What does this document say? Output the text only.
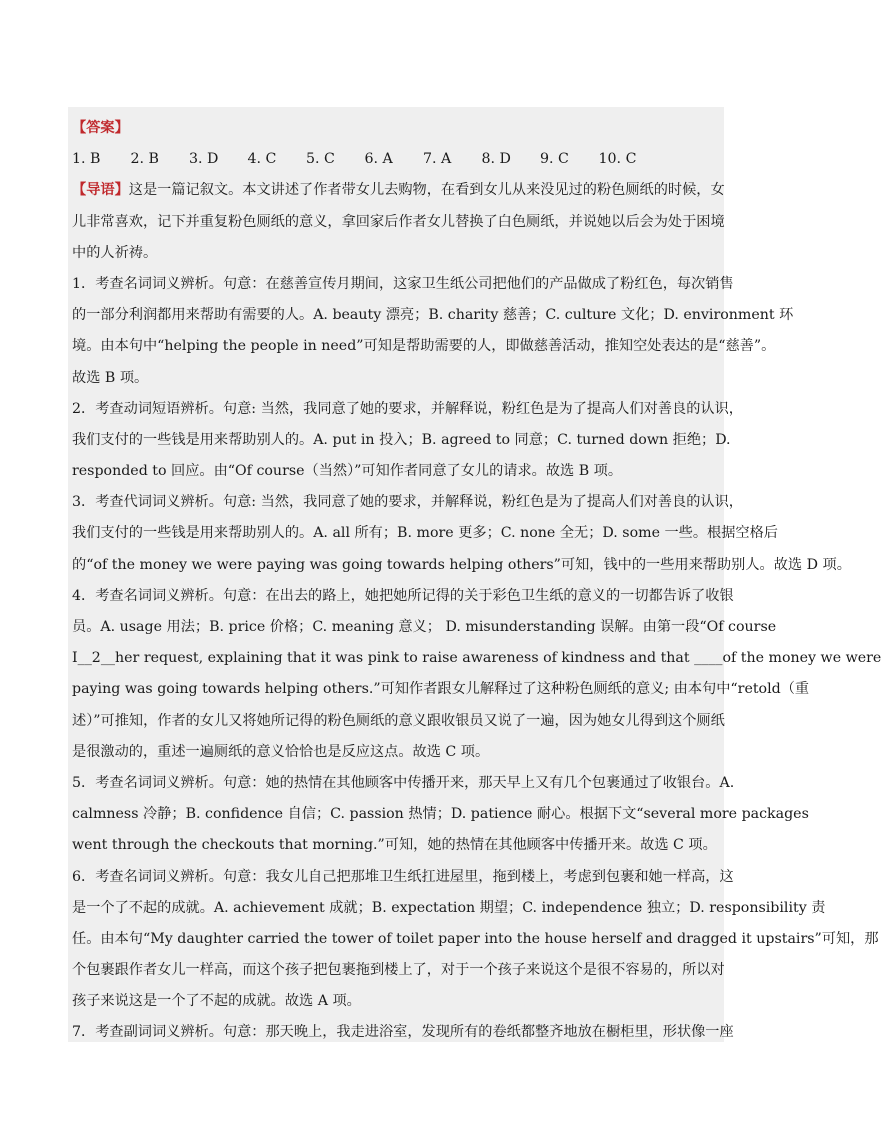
【答案】
1. B	2. B	3. D	4. C	5. C	6. A	7. A	8. D	9. C	10. C
【导语】这是一篇记叙文。本文讲述了作者带女儿去购物，在看到女儿从来没见过的粉色厕纸的时候，女
儿非常喜欢，记下并重复粉色厕纸的意义，拿回家后作者女儿替换了白色厕纸，并说她以后会为处于困境
中的人祈祷。
1．考查名词词义辨析。句意：在慈善宣传月期间，这家卫生纸公司把他们的产品做成了粉红色，每次销售
的一部分利润都用来帮助有需要的人。A. beauty 漂亮；B. charity 慈善；C. culture 文化；D. environment 环
境。由本句中“helping the people in need”可知是帮助需要的人，即做慈善活动，推知空处表达的是“慈善”。
故选 B 项。
2．考查动词短语辨析。句意: 当然，我同意了她的要求，并解释说，粉红色是为了提高人们对善良的认识，
我们支付的一些钱是用来帮助别人的。A. put in 投入；B. agreed to 同意；C. turned down 拒绝；D.
responded to 回应。由“Of course（当然）”可知作者同意了女儿的请求。故选 B 项。
3．考查代词词义辨析。句意: 当然，我同意了她的要求，并解释说，粉红色是为了提高人们对善良的认识，
我们支付的一些钱是用来帮助别人的。A. all 所有；B. more 更多；C. none 全无；D. some 一些。根据空格后
的“of the money we were paying was going towards helping others”可知，钱中的一些用来帮助别人。故选 D 项。
4．考查名词词义辨析。句意：在出去的路上，她把她所记得的关于彩色卫生纸的意义的一切都告诉了收银
员。A. usage 用法；B. price 价格；C. meaning 意义； D. misunderstanding 误解。由第一段“Of course
I__2__her request, explaining that it was pink to raise awareness of kindness and that ____of the money we were
paying was going towards helping others.”可知作者跟女儿解释过了这种粉色厕纸的意义; 由本句中“retold（重
述）”可推知，作者的女儿又将她所记得的粉色厕纸的意义跟收银员又说了一遍，因为她女儿得到这个厕纸
是很激动的，重述一遍厕纸的意义恰恰也是反应这点。故选 C 项。
5．考查名词词义辨析。句意：她的热情在其他顾客中传播开来，那天早上又有几个包裹通过了收银台。A.
calmness 冷静；B. confidence 自信；C. passion 热情；D. patience 耐心。根据下文“several more packages
went through the checkouts that morning.”可知，她的热情在其他顾客中传播开来。故选 C 项。
6．考查名词词义辨析。句意：我女儿自己把那堆卫生纸扛进屋里，拖到楼上，考虑到包裹和她一样高，这
是一个了不起的成就。A. achievement 成就；B. expectation 期望；C. independence 独立；D. responsibility 责
任。由本句“My daughter carried the tower of toilet paper into the house herself and dragged it upstairs”可知，那
个包裹跟作者女儿一样高，而这个孩子把包裹拖到楼上了，对于一个孩子来说这个是很不容易的，所以对
孩子来说这是一个了不起的成就。故选 A 项。
7．考查副词词义辨析。句意：那天晚上，我走进浴室，发现所有的卷纸都整齐地放在橱柜里，形状像一座
